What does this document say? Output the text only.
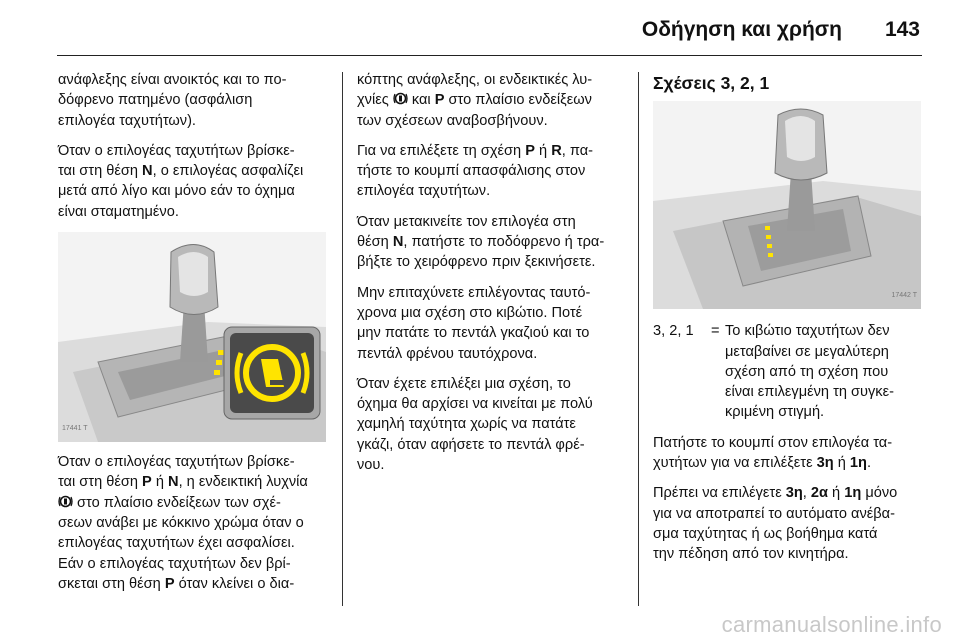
Οδήγηση και χρήση 143

ανάφλεξης είναι ανοικτός και το πο-
δόφρενο πατημένο (ασφάλιση
επιλογέα ταχυτήτων).

Όταν ο επιλογέας ταχυτήτων βρίσκε-
ται στη θέση N, ο επιλογέας ασφαλίζει
μετά από λίγο και μόνο εάν το όχημα
είναι σταματημένο.

17441 T

Όταν ο επιλογέας ταχυτήτων βρίσκε-
ται στη θέση P ή N, η ενδεικτική λυχνία
στο πλαίσιο ενδείξεων των σχέ-
σεων ανάβει με κόκκινο χρώμα όταν ο
επιλογέας ταχυτήτων έχει ασφαλίσει.
Εάν ο επιλογέας ταχυτήτων δεν βρί-
σκεται στη θέση P όταν κλείνει ο δια-

κόπτης ανάφλεξης, οι ενδεικτικές λυ-
χνίες  και P στο πλαίσιο ενδείξεων
των σχέσεων αναβοσβήνουν.

Για να επιλέξετε τη σχέση P ή R, πα-
τήστε το κουμπί απασφάλισης στον
επιλογέα ταχυτήτων.

Όταν μετακινείτε τον επιλογέα στη
θέση N, πατήστε το ποδόφρενο ή τρα-
βήξτε το χειρόφρενο πριν ξεκινήσετε.

Μην επιταχύνετε επιλέγοντας ταυτό-
χρονα μια σχέση στο κιβώτιο. Ποτέ
μην πατάτε το πεντάλ γκαζιού και το
πεντάλ φρένου ταυτόχρονα.

Όταν έχετε επιλέξει μια σχέση, το
όχημα θα αρχίσει να κινείται με πολύ
χαμηλή ταχύτητα χωρίς να πατάτε
γκάζι, όταν αφήσετε το πεντάλ φρέ-
νου.

Σχέσεις 3, 2, 1
17442 T
3, 2, 1	= Το κιβώτιο ταχυτήτων δεν
μεταβαίνει σε μεγαλύτερη
σχέση από τη σχέση που
είναι επιλεγμένη τη συγκε-
κριμένη στιγμή.

Πατήστε το κουμπί στον επιλογέα τα-
χυτήτων για να επιλέξετε 3η ή 1η.

Πρέπει να επιλέγετε 3η, 2α ή 1η μόνο
για να αποτραπεί το αυτόματο ανέβα-
σμα ταχύτητας ή ως βοήθημα κατά
την πέδηση από τον κινητήρα.

carmanualsonline.info
